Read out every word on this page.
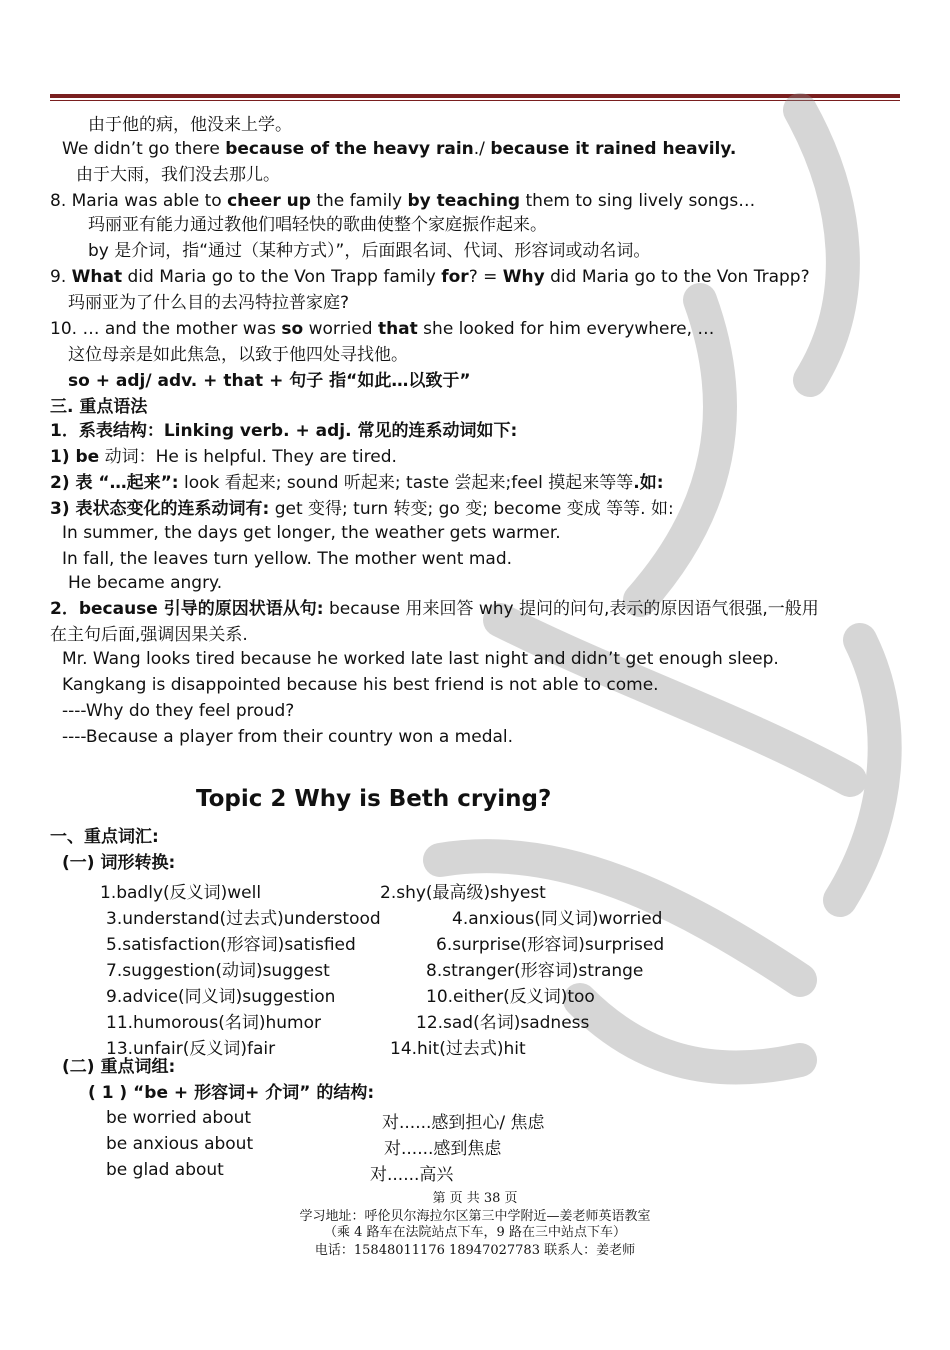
由于他的病，他没来上学。
We didn’t go there because of the heavy rain./ because it rained heavily.
由于大雨，我们没去那儿。
8. Maria was able to cheer up the family by teaching them to sing lively songs…
玛丽亚有能力通过教他们唱轻快的歌曲使整个家庭振作起来。
by 是介词，指“通过（某种方式）”，后面跟名词、代词、形容词或动名词。
9. What did Maria go to the Von Trapp family for? = Why did Maria go to the Von Trapp?
玛丽亚为了什么目的去冯特拉普家庭?
10. … and the mother was so worried that she looked for him everywhere, …
这位母亲是如此焦急，以致于他四处寻找他。
so + adj/ adv. + that + 句子 指“如此…以致于”
三. 重点语法
1．系表结构：Linking verb. + adj. 常见的连系动词如下:
1) be 动词：He is helpful. They are tired.
2) 表 “…起来”: look 看起来; sound 听起来; taste 尝起来;feel 摸起来等等.如:
3) 表状态变化的连系动词有: get 变得; turn 转变; go 变; become 变成 等等. 如:
In summer, the days get longer, the weather gets warmer.
In fall, the leaves turn yellow. The mother went mad.
He became angry.
2．because 引导的原因状语从句: because 用来回答 why 提问的问句,表示的原因语气很强,一般用
在主句后面,强调因果关系.
Mr. Wang looks tired because he worked late last night and didn’t get enough sleep.
Kangkang is disappointed because his best friend is not able to come.
----Why do they feel proud?
----Because a player from their country won a medal.
Topic 2 Why is Beth crying?
一、重点词汇:
(一) 词形转换:
1.badly(反义词)well	2.shy(最高级)shyest
3.understand(过去式)understood	4.anxious(同义词)worried
5.satisfaction(形容词)satisfied	6.surprise(形容词)surprised
7.suggestion(动词)suggest	8.stranger(形容词)strange
9.advice(同义词)suggestion	10.either(反义词)too
11.humorous(名词)humor	12.sad(名词)sadness
13.unfair(反义词)fair	14.hit(过去式)hit
(二) 重点词组:
( 1 ) “be + 形容词+ 介词” 的结构:
be worried about	对......感到担心/ 焦虑
be anxious about	对......感到焦虑
be glad about	对......高兴
第 页 共 38 页
学习地址：呼伦贝尔海拉尔区第三中学附近—姜老师英语教室
（乘 4 路车在法院站点下车，9 路在三中站点下车）
电话：15848011176 18947027783 联系人：姜老师
